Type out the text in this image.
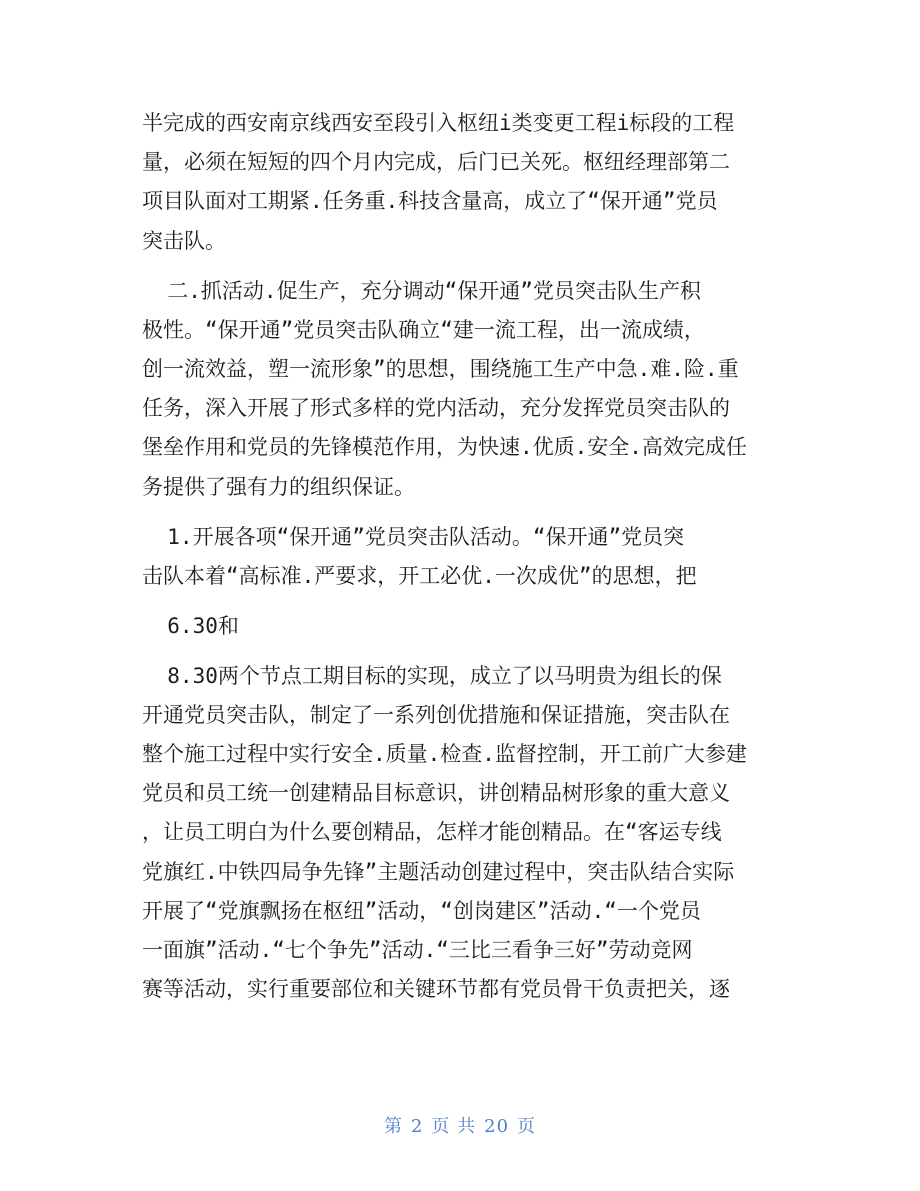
半完成的西安南京线西安至段引入枢纽i类变更工程i标段的工程
量，必须在短短的四个月内完成，后门已关死。枢纽经理部第二
项目队面对工期紧.任务重.科技含量高，成立了“保开通”党员
突击队。
二.抓活动.促生产，充分调动“保开通”党员突击队生产积
极性。“保开通”党员突击队确立“建一流工程，出一流成绩，
创一流效益，塑一流形象”的思想，围绕施工生产中急.难.险.重
任务，深入开展了形式多样的党内活动，充分发挥党员突击队的
堡垒作用和党员的先锋模范作用，为快速.优质.安全.高效完成任
务提供了强有力的组织保证。
1.开展各项“保开通”党员突击队活动。“保开通”党员突
击队本着“高标准.严要求，开工必优.一次成优”的思想，把
6.30和
8.30两个节点工期目标的实现，成立了以马明贵为组长的保
开通党员突击队，制定了一系列创优措施和保证措施，突击队在
整个施工过程中实行安全.质量.检查.监督控制，开工前广大参建
党员和员工统一创建精品目标意识，讲创精品树形象的重大意义
，让员工明白为什么要创精品，怎样才能创精品。在“客运专线
党旗红.中铁四局争先锋”主题活动创建过程中，突击队结合实际
开展了“党旗飘扬在枢纽”活动，“创岗建区”活动.“一个党员
一面旗”活动.“七个争先”活动.“三比三看争三好”劳动竞网
赛等活动，实行重要部位和关键环节都有党员骨干负责把关，逐
第 2 页 共 20 页
